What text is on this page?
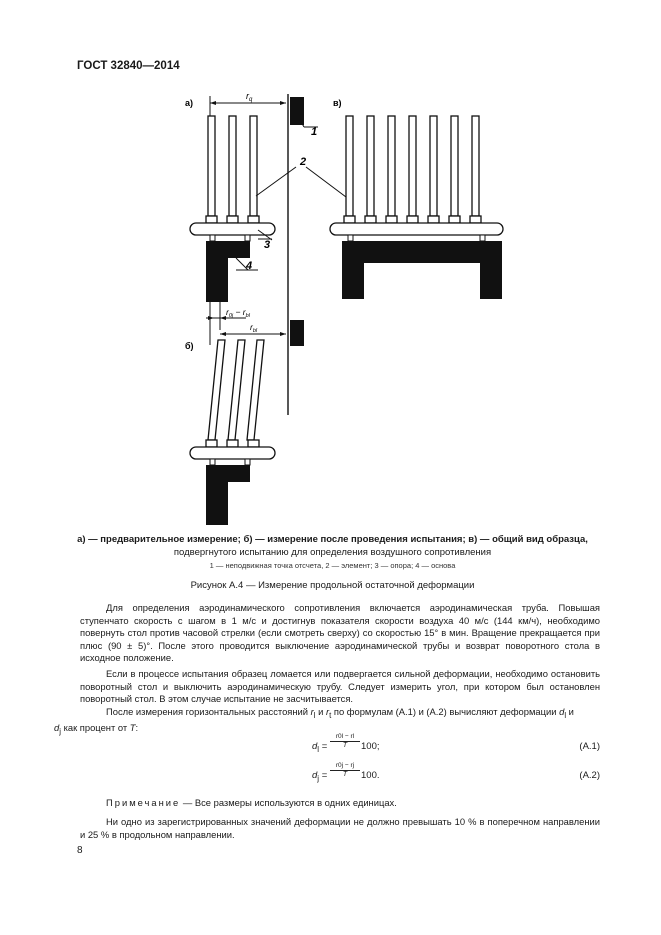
ГОСТ 32840—2014
а)
$r_q$
1
2
3
4
в)
б)
$r_{0j} - r_{bl}$
$r_{bl}$
а) — предварительное измерение; б) — измерение после проведения испытания; в) — общий вид образца,
подвергнутого испытанию для определения воздушного сопротивления
1 — неподвижная точка отсчета, 2 — элемент; 3 — опора; 4 — основа
Рисунок А.4 — Измерение продольной остаточной деформации

Для определения аэродинамического сопротивления включается аэродинамическая труба. Повышая ступенчато скорость с шагом в 1 м/с и достигнув показателя скорости воздуха 40 м/с (144 км/ч), необходимо повернуть стол против часовой стрелки (если смотреть сверху) со скоростью 15° в мин. Вращение прекращается при плюс (90 ± 5)°. После этого проводится выключение аэродинамической трубы и возврат поворотного стола в исходное положение.

Если в процессе испытания образец ломается или подвергается сильной деформации, необходимо остановить поворотный стол и выключить аэродинамическую трубу. Следует измерить угол, при котором был остановлен поворотный стол. В этом случае испытание не засчитывается.

После измерения горизонтальных расстояний $r_l$ и $r_t$ по формулам (А.1) и (А.2) вычисляют деформации $d_l$ и
$d_j$ как процент от T:

$d_l = \frac{r0l - rl}{T} 100$;	(А.1)
$d_j = \frac{r0j - rj}{T} 100$.	(А.2)
Примечание — Все размеры используются в одних единицах.

Ни одно из зарегистрированных значений деформации не должно превышать 10 % в поперечном направлении и 25 % в продольном направлении.

8
